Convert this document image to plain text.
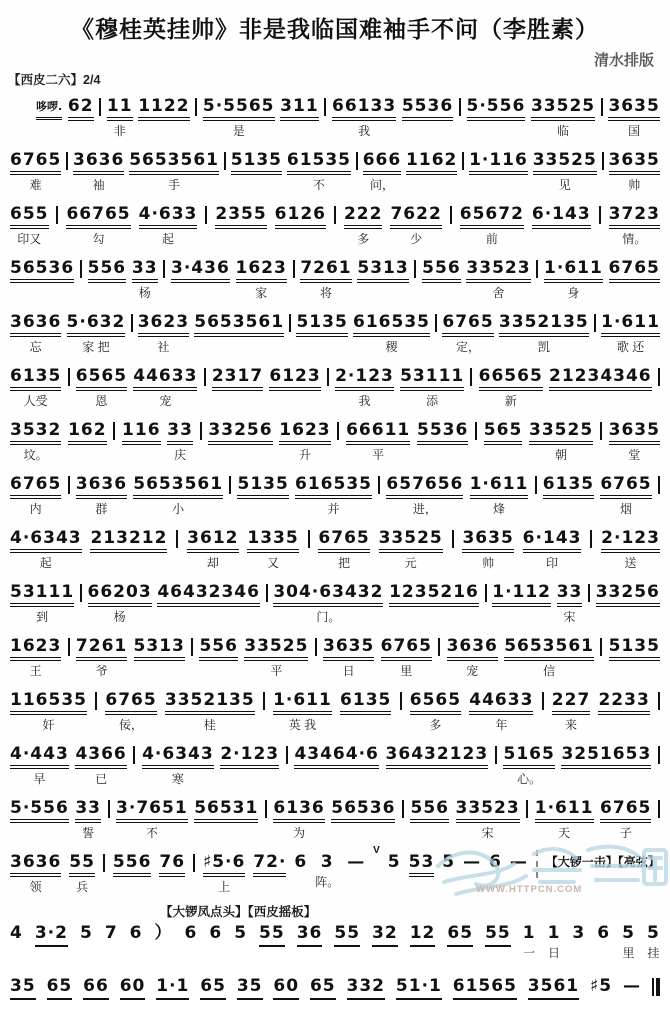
《穆桂英挂帅》非是我临国难袖手不问（李胜素）
清水排版
【西皮二六】2/4
哆啰. 62 11
非
1122 5·5565
是
311 66133
我
5536 5·556 33525
临
3635
国
6765
难
3636
袖
5653561
手
5135 61535
不
666
问，
1162 1·116 33525
见
3635
帅
655
印又
66765
勾
4·633
起
2355 6126 222
多
7622
少
65672
前
6·143 3723
情。
56536 556 33
杨
3·436 1623
家
7261
将
5313 556 33523
舍
1·611
身
6765
3636
忘
5·632
家 把
3623
社
5653561 5135 616535
稷
6765
定，
3352135
凯
1·611
歌 还
6135
人受
6565
恩
44633
宠
2317 6123 2·123
我
53111
添
66565
新
21234346
3532
坟。
162 116 33
庆
33256 1623
升
66611
平
5536 565 33525
朝
3635
堂
6765
内
3636
群
5653561
小
5135 616535
并
657656
进，
1·611
烽
6135 6765
烟
4·6343
起
213212 3612
却
1335
又
6765
把
33525
元
3635
帅
6·143
印
2·123
送
53111
到
66203
杨
46432346 304·63432
门。
1235216 1·112 33
宋
33256
1623
王
7261
爷
5313 556 33525
平
3635
日
6765
里
3636
宠
5653561
信
5135
116535
奸
6765
佞，
3352135
桂
1·611
英 我
6135 6565
多
44633
年
227
来
2233
4·443
早
4366
已
4·6343
寒
2·123 43464·6 36432123 5165
心。
3251653
5·556 33
誓
3·7651
不
56531 6136
为
56536 556 33523
宋
1·611
天
6765
子
3636
领
55
兵
556 76 ♯5·6
上
72· 6 3
阵。
—
V
5 53 5 — 6 — 【大锣一击】【亮弦】
【大锣凤点头】【西皮摇板】
4 3·2 5 7 6 ） 6 6 5 55 36 55 32 12 65 55 1
一
1
日
3 6 5
里
5
挂
35 65 66 60 1·1 65 35 60 65 332 51·1 61565 3561 ♯5 —
WWW.HTTPCN.COM
